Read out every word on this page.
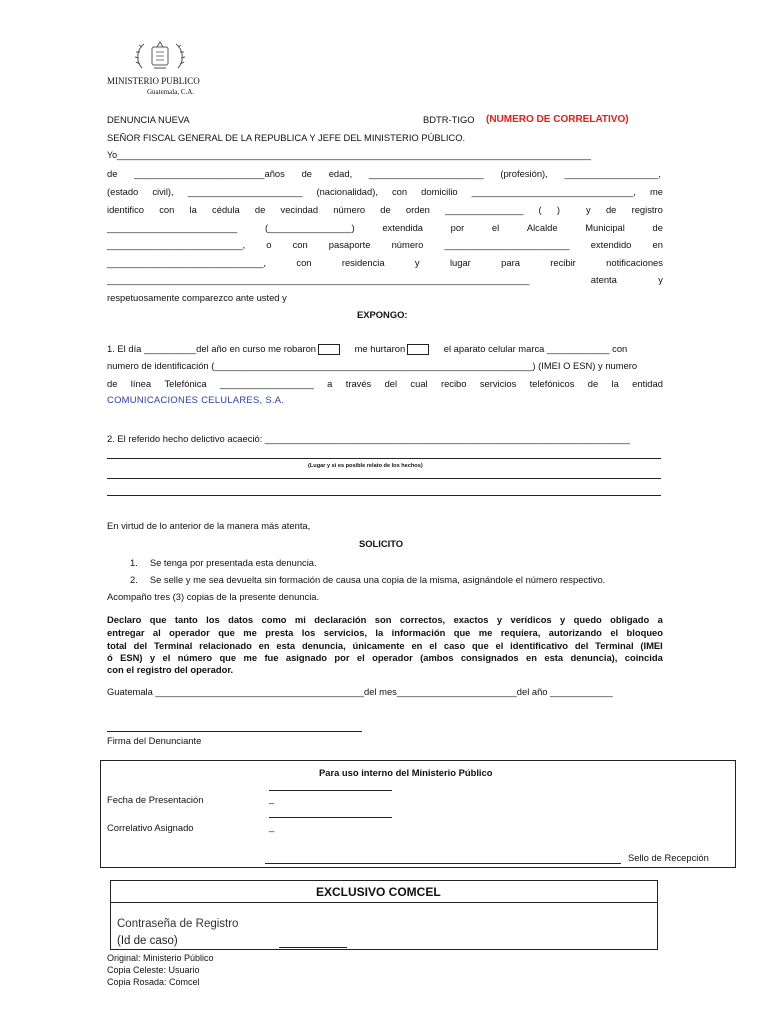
MINISTERIO PUBLICO
Guatemala, C.A.
DENUNCIA NUEVA	BDTR-TIGO (NUMERO DE CORRELATIVO)
SEÑOR FISCAL GENERAL DE LA REPUBLICA Y JEFE DEL MINISTERIO PÚBLICO.
Yo________________________________________________________________________________________________
de _________________________años de edad, ______________________ (profesión), __________________,
(estado civil), ______________________ (nacionalidad), con domicilio _______________________________, me
identifico con la cédula de vecindad número de orden _______________ ( )	y de registro
_________________________	(________________)	extendida	por	el	Alcalde	Municipal	de
__________________________, o con pasaporte número ________________________ extendido en
______________________________,	con	residencia	y	lugar	para	recibir	notificaciones
_________________________________________________________________________________	atenta	y
respetuosamente comparezco ante usted y
EXPONGO:
1. El día __________del año en curso me robaron	me hurtaron	el aparato celular marca ____________ con
numero de identificación (_____________________________________________________________) (IMEI O ESN) y numero
de línea Telefónica __________________ a través del cual recibo servicios telefónicos de la entidad
COMUNICACIONES CELULARES, S.A.
2. El referido hecho delictivo acaeció: ______________________________________________________________________
(Lugar y si es posible relato de los hechos)
En virtud de lo anterior de la manera más atenta,
SOLICITO
1. Se tenga por presentada esta denuncia.
2. Se selle y me sea devuelta sin formación de causa una copia de la misma, asignándole el número respectivo.
Acompaño tres (3) copias de la presente denuncia.
Declaro que tanto los datos como mi declaración son correctos, exactos y verídicos y quedo obligado a
entregar al operador que me presta los servicios, la información que me requiera, autorizando el bloqueo
total del Terminal relacionado en esta denuncia, únicamente en el caso que el identificativo del Terminal (IMEI
ó ESN) y el número que me fue asignado por el operador (ambos consignados en esta denuncia), coincida
con el registro del operador.
Guatemala ________________________________________del mes_______________________del año ____________
Firma del Denunciante
Para uso interno del Ministerio Público
Fecha de Presentación	_
Correlativo Asignado	_
Sello de Recepción
EXCLUSIVO COMCEL
Contraseña de Registro
(Id de caso)
Original: Ministerio Público
Copia Celeste: Usuario
Copia Rosada: Comcel
